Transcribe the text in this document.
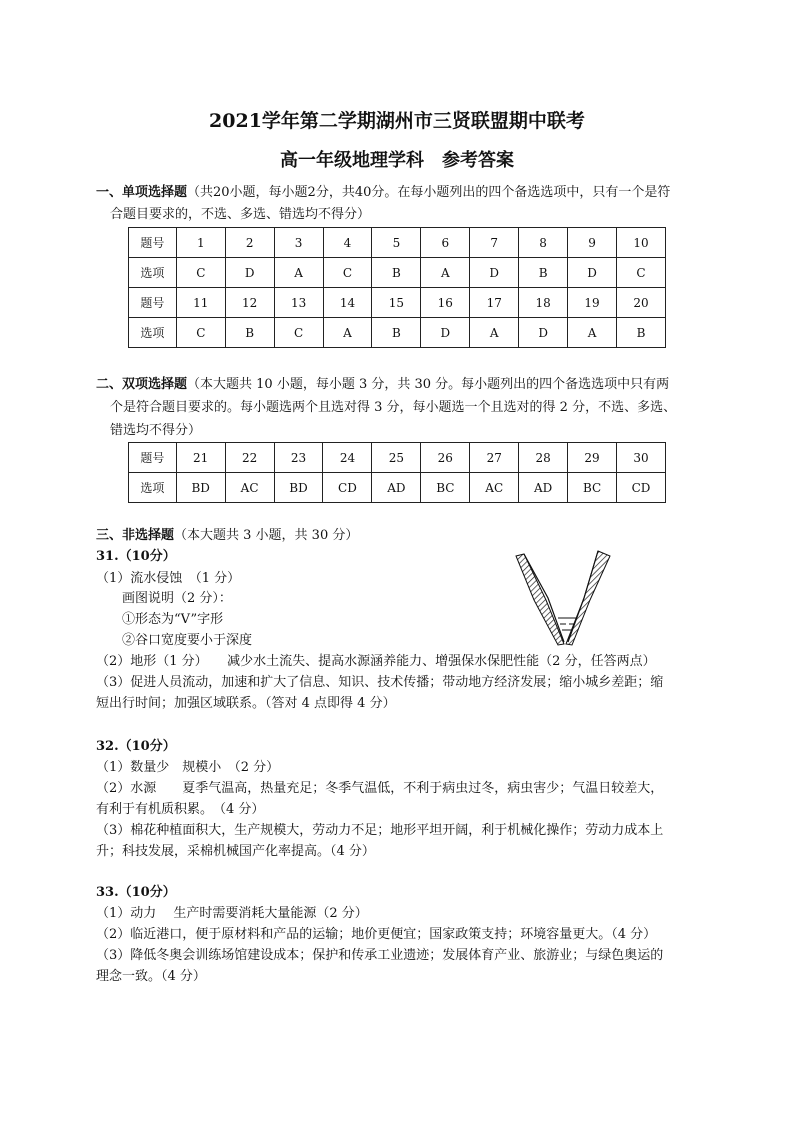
2021学年第二学期湖州市三贤联盟期中联考
高一年级地理学科　参考答案
一、单项选择题（共20小题，每小题2分，共40分。在每小题列出的四个备选选项中，只有一个是符
合题目要求的，不选、多选、错选均不得分）
题号	1	2	3	4	5	6	7	8	9	10
选项	C	D	A	C	B	A	D	B	D	C
题号	11	12	13	14	15	16	17	18	19	20
选项	C	B	C	A	B	D	A	D	A	B
二、双项选择题（本大题共 10 小题，每小题 3 分，共 30 分。每小题列出的四个备选选项中只有两
个是符合题目要求的。每小题选两个且选对得 3 分，每小题选一个且选对的得 2 分，不选、多选、
错选均不得分）
题号	21	22	23	24	25	26	27	28	29	30
选项	BD	AC	BD	CD	AD	BC	AC	AD	BC	CD
三、非选择题（本大题共 3 小题，共 30 分）
31.（10分）
（1）流水侵蚀　（1 分）
画图说明（2 分）：
①形态为“V”字形
②谷口宽度要小于深度
（2）地形（1 分）　　减少水土流失、提高水源涵养能力、增强保水保肥性能（2 分，任答两点）
（3）促进人员流动，加速和扩大了信息、知识、技术传播；带动地方经济发展；缩小城乡差距；缩
短出行时间；加强区域联系。（答对 4 点即得 4 分）
32.（10分）
（1）数量少　规模小　（2 分）
（2）水源　　夏季气温高，热量充足；冬季气温低，不利于病虫过冬，病虫害少；气温日较差大，
有利于有机质积累。　（4 分）
（3）棉花种植面积大，生产规模大，劳动力不足；地形平坦开阔，利于机械化操作；劳动力成本上
升；科技发展，采棉机械国产化率提高。（4 分）
33.（10分）
（1）动力　 生产时需要消耗大量能源（2 分）
（2）临近港口，便于原材料和产品的运输；地价更便宜；国家政策支持；环境容量更大。（4 分）
（3）降低冬奥会训练场馆建设成本；保护和传承工业遗迹；发展体育产业、旅游业；与绿色奥运的
理念一致。（4 分）
